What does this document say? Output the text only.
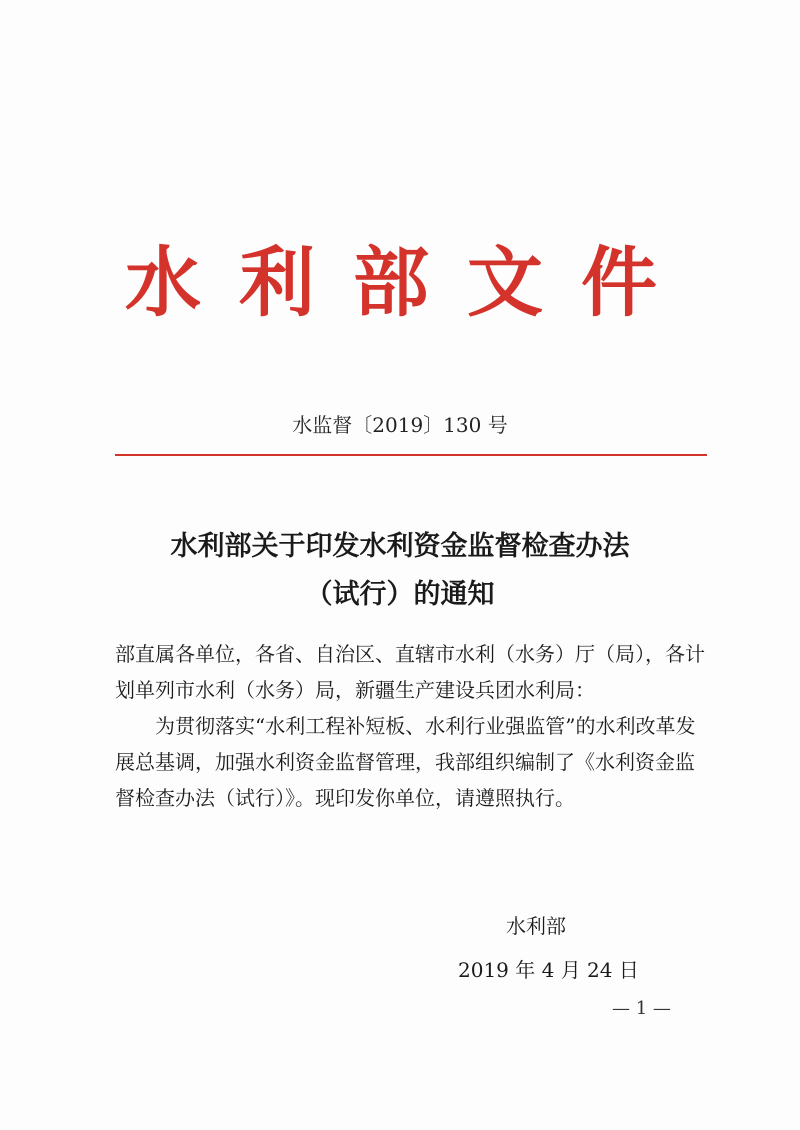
水利部文件
水监督〔2019〕130 号
水利部关于印发水利资金监督检查办法
（试行）的通知
部直属各单位，各省、自治区、直辖市水利（水务）厅（局），各计划单列市水利（水务）局，新疆生产建设兵团水利局：
为贯彻落实“水利工程补短板、水利行业强监管”的水利改革发展总基调，加强水利资金监督管理，我部组织编制了《水利资金监督检查办法（试行）》。现印发你单位，请遵照执行。
水利部
2019 年 4 月 24 日
— 1 —
